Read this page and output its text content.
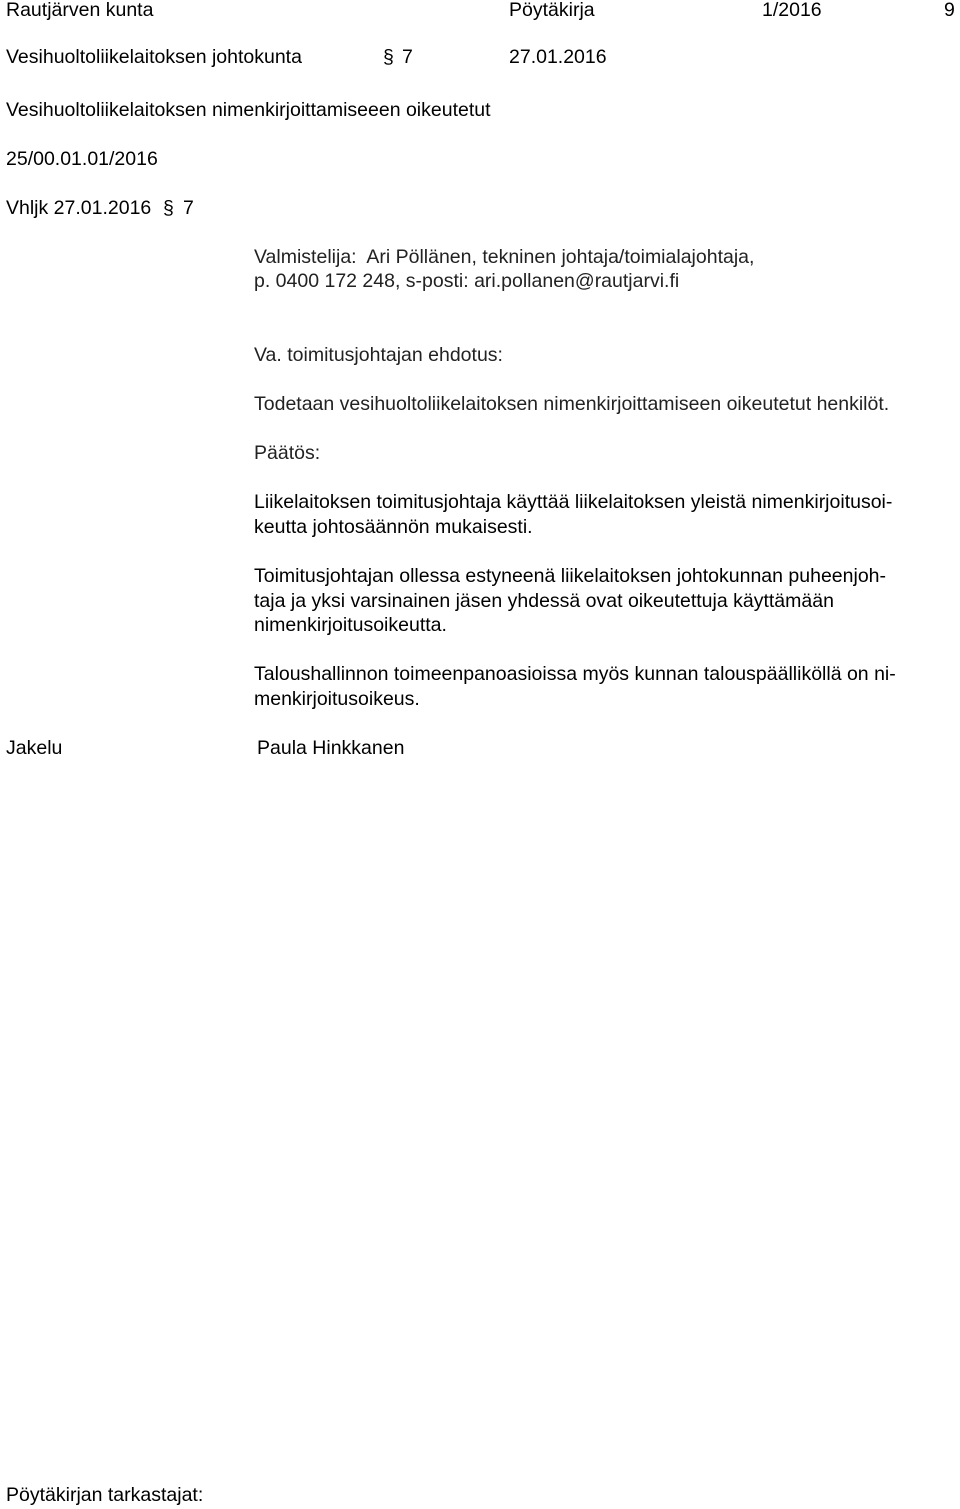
Rautjärven kunta	Pöytäkirja	1/2016	9
Vesihuoltoliikelaitoksen johtokunta	§ 7	27.01.2016
Vesihuoltoliikelaitoksen nimenkirjoittamiseeen oikeutetut
25/00.01.01/2016
Vhljk 27.01.2016 § 7
Valmistelija:  Ari Pöllänen, tekninen johtaja/toimialajohtaja,
p. 0400 172 248, s-posti: ari.pollanen@rautjarvi.fi
Va. toimitusjohtajan ehdotus:
Todetaan vesihuoltoliikelaitoksen nimenkirjoittamiseen oikeutetut henkilöt.
Päätös:
Liikelaitoksen toimitusjohtaja käyttää liikelaitoksen yleistä nimenkirjoitusoi-
keutta johtosäännön mukaisesti.
Toimitusjohtajan ollessa estyneenä liikelaitoksen johtokunnan puheenjoh-
taja ja yksi varsinainen jäsen yhdessä ovat oikeutettuja käyttämään
nimenkirjoitusoikeutta.
Taloushallinnon toimeenpanoasioissa myös kunnan talouspäälliköllä on ni-
menkirjoitusoikeus.
Jakelu	Paula Hinkkanen
Pöytäkirjan tarkastajat:
